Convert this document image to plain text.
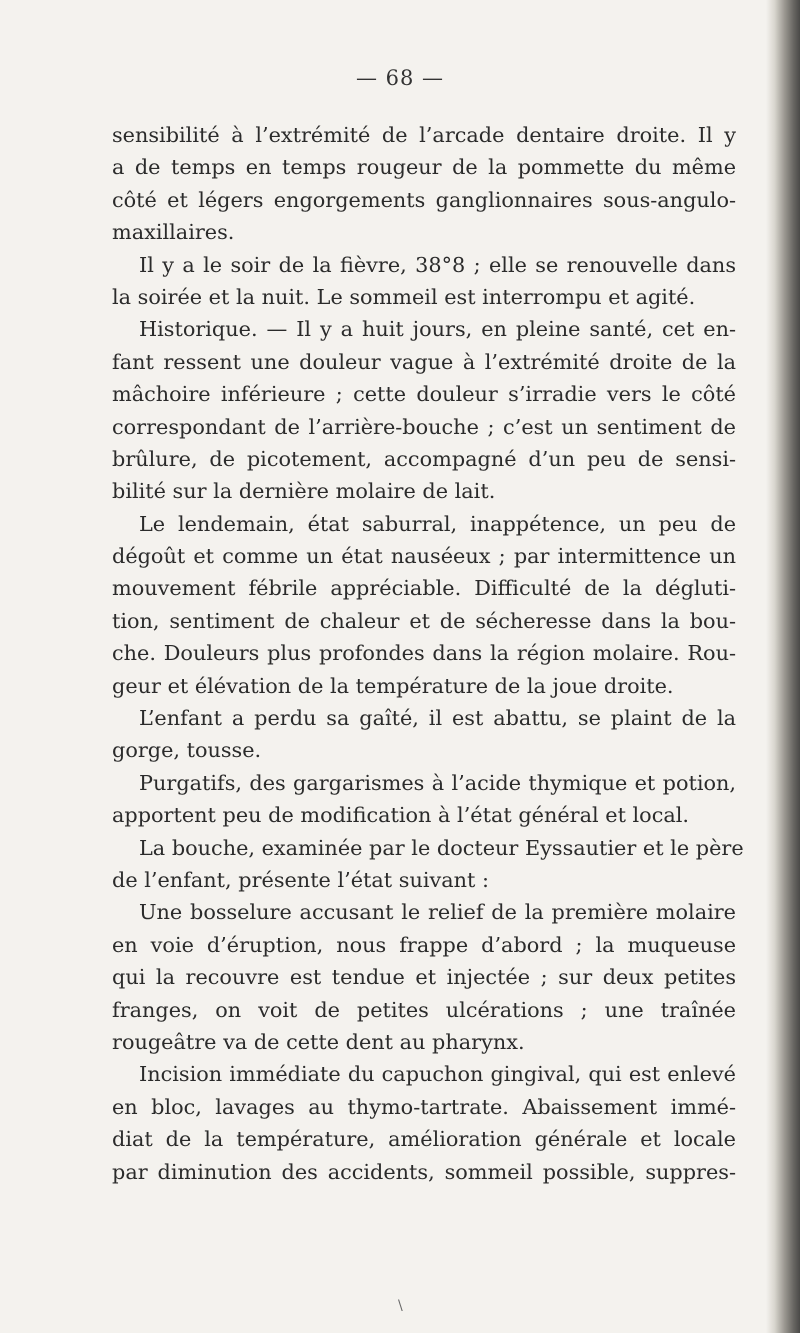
— 68 —
sensibilité à l’extrémité de l’arcade dentaire droite. Il y
a de temps en temps rougeur de la pommette du même
côté et légers engorgements ganglionnaires sous-angulo-
maxillaires.
Il y a le soir de la fièvre, 38°8 ; elle se renouvelle dans
la soirée et la nuit. Le sommeil est interrompu et agité.
Historique. — Il y a huit jours, en pleine santé, cet en-
fant ressent une douleur vague à l’extrémité droite de la
mâchoire inférieure ; cette douleur s’irradie vers le côté
correspondant de l’arrière-bouche ; c’est un sentiment de
brûlure, de picotement, accompagné d’un peu de sensi-
bilité sur la dernière molaire de lait.
Le lendemain, état saburral, inappétence, un peu de
dégoût et comme un état nauséeux ; par intermittence un
mouvement fébrile appréciable. Difficulté de la dégluti-
tion, sentiment de chaleur et de sécheresse dans la bou-
che. Douleurs plus profondes dans la région molaire. Rou-
geur et élévation de la température de la joue droite.
L’enfant a perdu sa gaîté, il est abattu, se plaint de la
gorge, tousse.
Purgatifs, des gargarismes à l’acide thymique et potion,
apportent peu de modification à l’état général et local.
La bouche, examinée par le docteur Eyssautier et le père
de l’enfant, présente l’état suivant :
Une bosselure accusant le relief de la première molaire
en voie d’éruption, nous frappe d’abord ; la muqueuse
qui la recouvre est tendue et injectée ; sur deux petites
franges, on voit de petites ulcérations ; une traînée
rougeâtre va de cette dent au pharynx.
Incision immédiate du capuchon gingival, qui est enlevé
en bloc, lavages au thymo-tartrate. Abaissement immé-
diat de la température, amélioration générale et locale
par diminution des accidents, sommeil possible, suppres-
\
